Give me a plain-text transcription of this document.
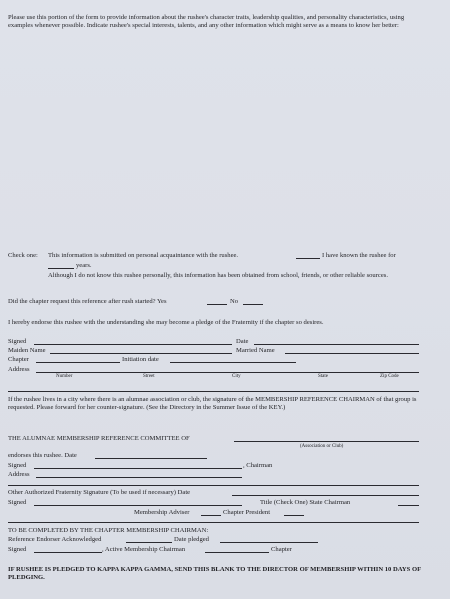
Please use this portion of the form to provide information about the rushee's character traits, leadership qualities, and personality characteristics, using examples whenever possible. Indicate rushee's special interests, talents, and any other information which might serve as a means to know her better:
Check one: This information is submitted on personal acquaintance with the rushee.	I have known the rushee for
years.
Although I do not know this rushee personally, this information has been obtained from school, friends, or other reliable sources.
Did the chapter request this reference after rush started? Yes	No
I hereby endorse this rushee with the understanding she may become a pledge of the Fraternity if the chapter so desires.
Signed	Date
Maiden Name	Married Name
Chapter	Initiation date
Address
Number	Street	City	State	Zip Code
If the rushee lives in a city where there is an alumnae association or club, the signature of the MEMBERSHIP REFERENCE CHAIRMAN of that group is requested. Please forward for her counter-signature. (See the Directory in the Summer Issue of the KEY.)
THE ALUMNAE MEMBERSHIP REFERENCE COMMITTEE OF
(Association or Club)
endorses this rushee. Date
Signed	, Chairman
Address
Other Authorized Fraternity Signature (To be used if necessary) Date
Signed	Title (Check One) State Chairman
Membership Adviser	Chapter President
TO BE COMPLETED BY THE CHAPTER MEMBERSHIP CHAIRMAN:
Reference Endorser Acknowledged	Date pledged
Signed	, Active Membership Chairman	Chapter
IF RUSHEE IS PLEDGED TO KAPPA KAPPA GAMMA, SEND THIS BLANK TO THE DIRECTOR OF MEMBERSHIP WITHIN 10 DAYS OF PLEDGING.
